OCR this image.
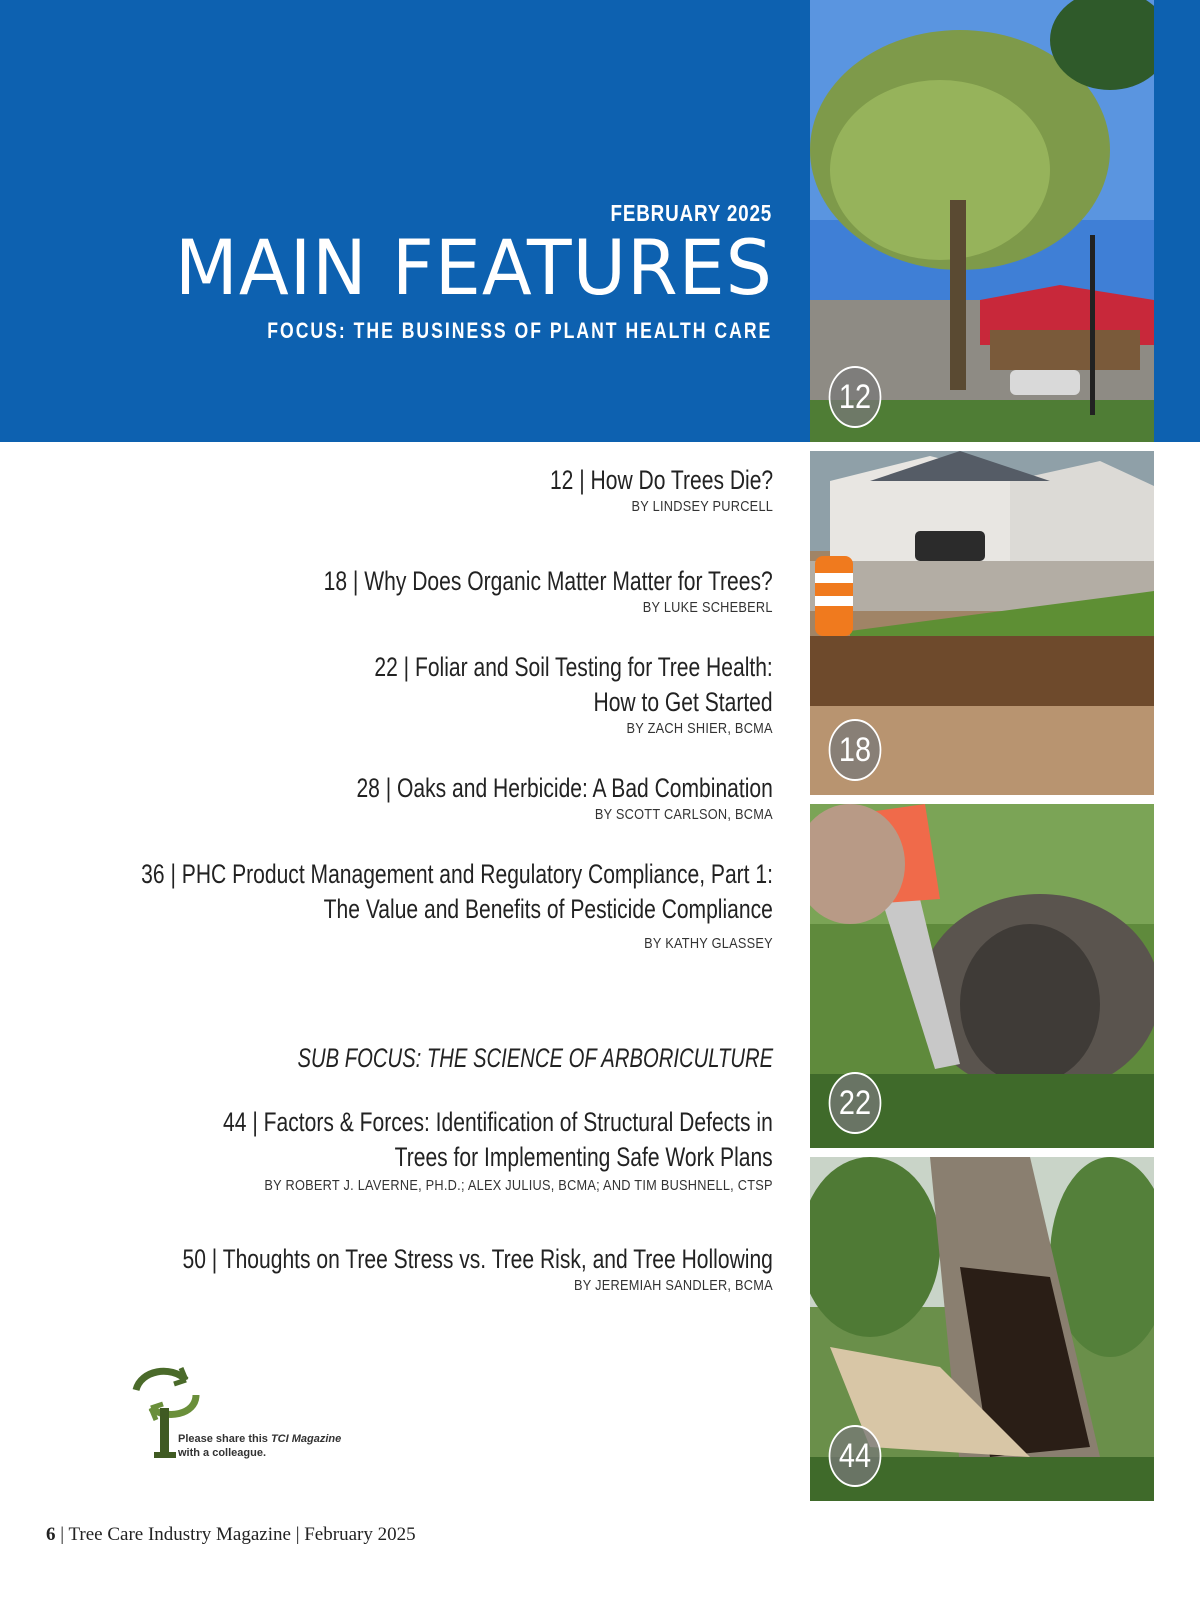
FEBRUARY 2025
MAIN FEATURES
FOCUS: THE BUSINESS OF PLANT HEALTH CARE
12
18
22
44
12 | How Do Trees Die?
BY LINDSEY PURCELL
18 | Why Does Organic Matter Matter for Trees?
BY LUKE SCHEBERL
22 | Foliar and Soil Testing for Tree Health:
How to Get Started
BY ZACH SHIER, BCMA
28 | Oaks and Herbicide: A Bad Combination
BY SCOTT CARLSON, BCMA
36 | PHC Product Management and Regulatory Compliance, Part 1:
The Value and Benefits of Pesticide Compliance
BY KATHY GLASSEY
44 | Factors & Forces: Identification of Structural Defects in
Trees for Implementing Safe Work Plans
BY ROBERT J. LAVERNE, PH.D.; ALEX JULIUS, BCMA; AND TIM BUSHNELL, CTSP
50 | Thoughts on Tree Stress vs. Tree Risk, and Tree Hollowing
BY JEREMIAH SANDLER, BCMA
SUB FOCUS: THE SCIENCE OF ARBORICULTURE
Please share this TCI Magazine
with a colleague.
6 | Tree Care Industry Magazine | February 2025
